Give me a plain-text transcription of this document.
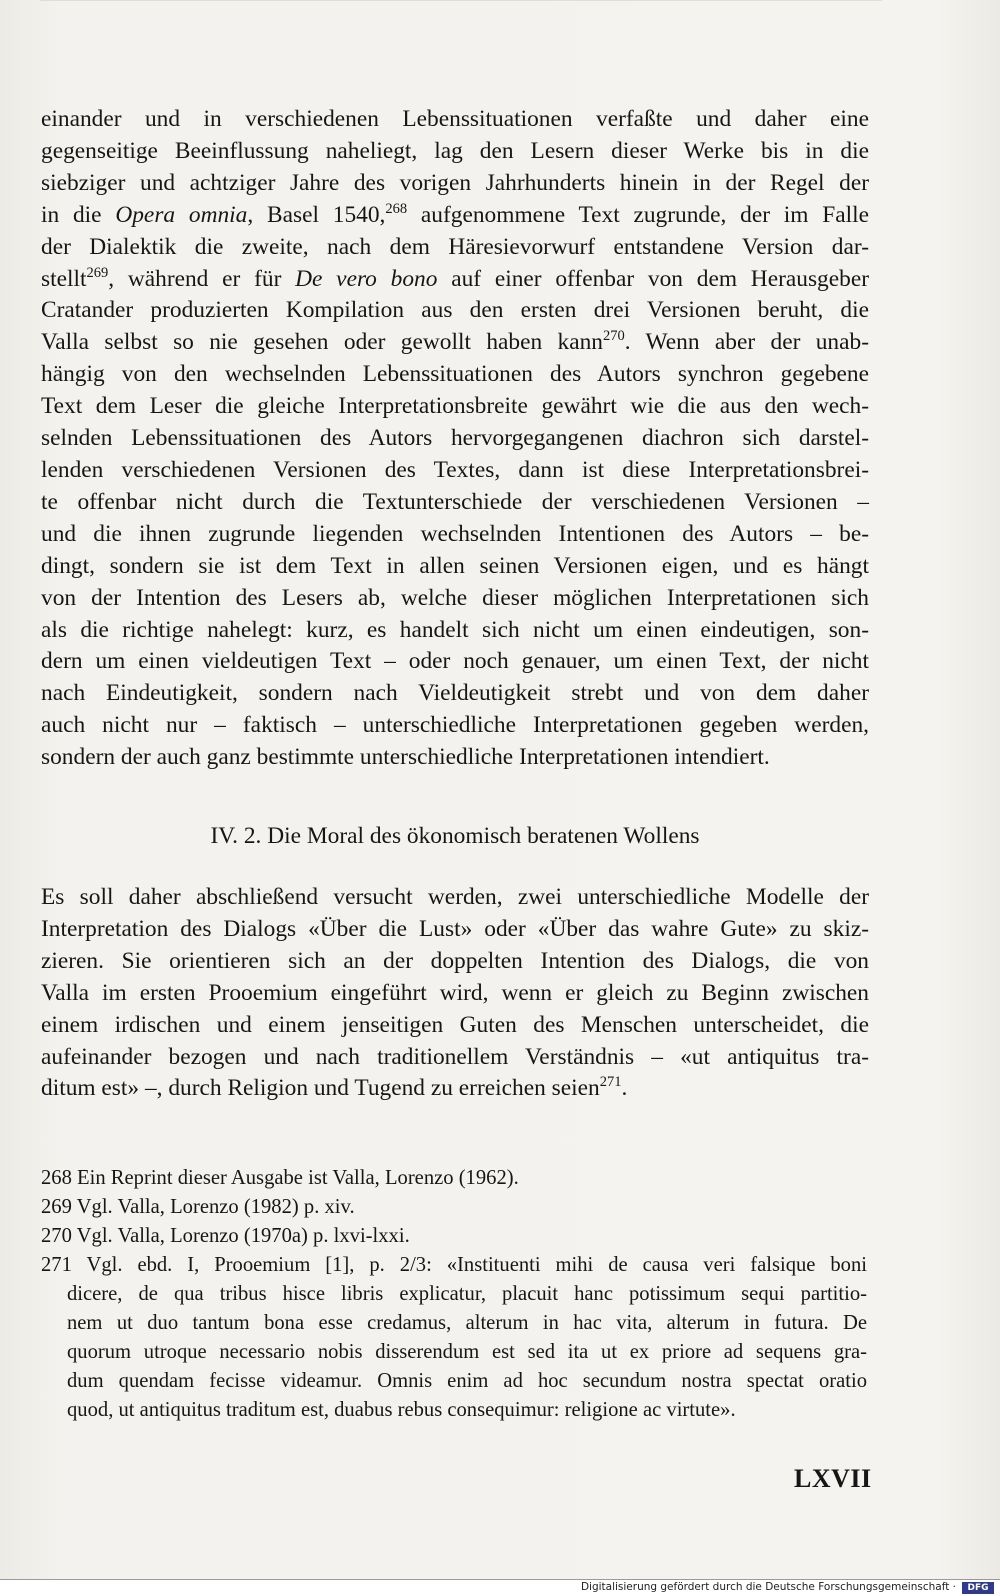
einander und in verschiedenen Lebenssituationen verfaßte und daher eine
gegenseitige Beeinflussung naheliegt, lag den Lesern dieser Werke bis in die
siebziger und achtziger Jahre des vorigen Jahrhunderts hinein in der Regel der
in die Opera omnia, Basel 1540,$^{268}$ aufgenommene Text zugrunde, der im Falle
der Dialektik die zweite, nach dem Häresievorwurf entstandene Version dar-
stellt$^{269}$, während er für De vero bono auf einer offenbar von dem Herausgeber
Cratander produzierten Kompilation aus den ersten drei Versionen beruht, die
Valla selbst so nie gesehen oder gewollt haben kann$^{270}$. Wenn aber der unab-
hängig von den wechselnden Lebenssituationen des Autors synchron gegebene
Text dem Leser die gleiche Interpretationsbreite gewährt wie die aus den wech-
selnden Lebenssituationen des Autors hervorgegangenen diachron sich darstel-
lenden verschiedenen Versionen des Textes, dann ist diese Interpretationsbrei-
te offenbar nicht durch die Textunterschiede der verschiedenen Versionen –
und die ihnen zugrunde liegenden wechselnden Intentionen des Autors – be-
dingt, sondern sie ist dem Text in allen seinen Versionen eigen, und es hängt
von der Intention des Lesers ab, welche dieser möglichen Interpretationen sich
als die richtige nahelegt: kurz, es handelt sich nicht um einen eindeutigen, son-
dern um einen vieldeutigen Text – oder noch genauer, um einen Text, der nicht
nach Eindeutigkeit, sondern nach Vieldeutigkeit strebt und von dem daher
auch nicht nur – faktisch – unterschiedliche Interpretationen gegeben werden,
sondern der auch ganz bestimmte unterschiedliche Interpretationen intendiert.
IV. 2. Die Moral des ökonomisch beratenen Wollens
Es soll daher abschließend versucht werden, zwei unterschiedliche Modelle der
Interpretation des Dialogs «Über die Lust» oder «Über das wahre Gute» zu skiz-
zieren. Sie orientieren sich an der doppelten Intention des Dialogs, die von
Valla im ersten Prooemium eingeführt wird, wenn er gleich zu Beginn zwischen
einem irdischen und einem jenseitigen Guten des Menschen unterscheidet, die
aufeinander bezogen und nach traditionellem Verständnis – «ut antiquitus tra-
ditum est» –, durch Religion und Tugend zu erreichen seien$^{271}$.
268 Ein Reprint dieser Ausgabe ist Valla, Lorenzo (1962).
269 Vgl. Valla, Lorenzo (1982) p. xiv.
270 Vgl. Valla, Lorenzo (1970a) p. lxvi-lxxi.
271 Vgl. ebd. I, Prooemium [1], p. 2/3: «Instituenti mihi de causa veri falsique boni
dicere, de qua tribus hisce libris explicatur, placuit hanc potissimum sequi partitio-
nem ut duo tantum bona esse credamus, alterum in hac vita, alterum in futura. De
quorum utroque necessario nobis disserendum est sed ita ut ex priore ad sequens gra-
dum quendam fecisse videamur. Omnis enim ad hoc secundum nostra spectat oratio
quod, ut antiquitus traditum est, duabus rebus consequimur: religione ac virtute».
LXVII
Digitalisierung gefördert durch die Deutsche Forschungsgemeinschaft ·	DFG
